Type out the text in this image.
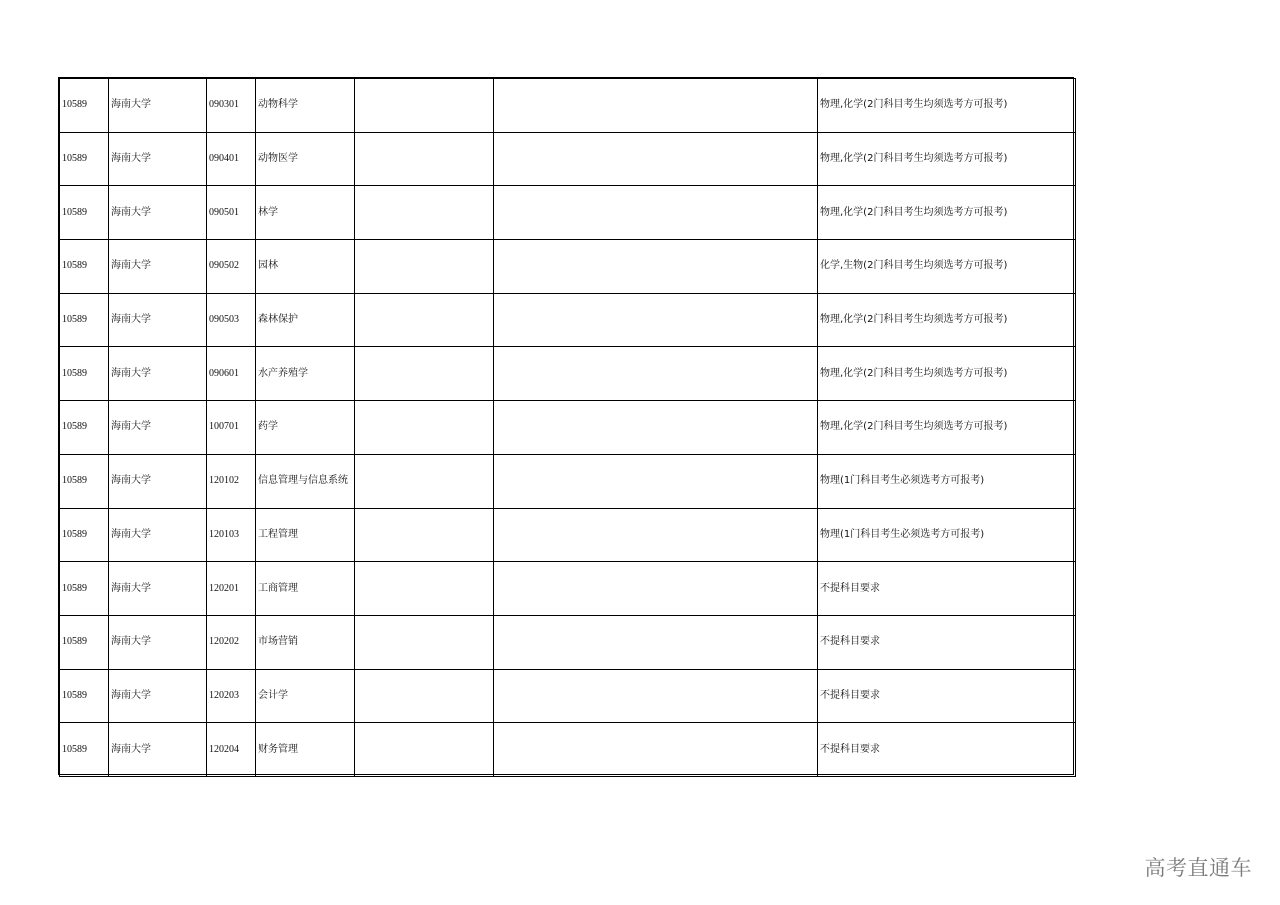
10589	海南大学	090301	动物科学			物理,化学(2门科目考生均须选考方可报考)
10589	海南大学	090401	动物医学			物理,化学(2门科目考生均须选考方可报考)
10589	海南大学	090501	林学			物理,化学(2门科目考生均须选考方可报考)
10589	海南大学	090502	园林			化学,生物(2门科目考生均须选考方可报考)
10589	海南大学	090503	森林保护			物理,化学(2门科目考生均须选考方可报考)
10589	海南大学	090601	水产养殖学			物理,化学(2门科目考生均须选考方可报考)
10589	海南大学	100701	药学			物理,化学(2门科目考生均须选考方可报考)
10589	海南大学	120102	信息管理与信息系统			物理(1门科目考生必须选考方可报考)
10589	海南大学	120103	工程管理			物理(1门科目考生必须选考方可报考)
10589	海南大学	120201	工商管理			不提科目要求
10589	海南大学	120202	市场营销			不提科目要求
10589	海南大学	120203	会计学			不提科目要求
10589	海南大学	120204	财务管理			不提科目要求
高考直通车
